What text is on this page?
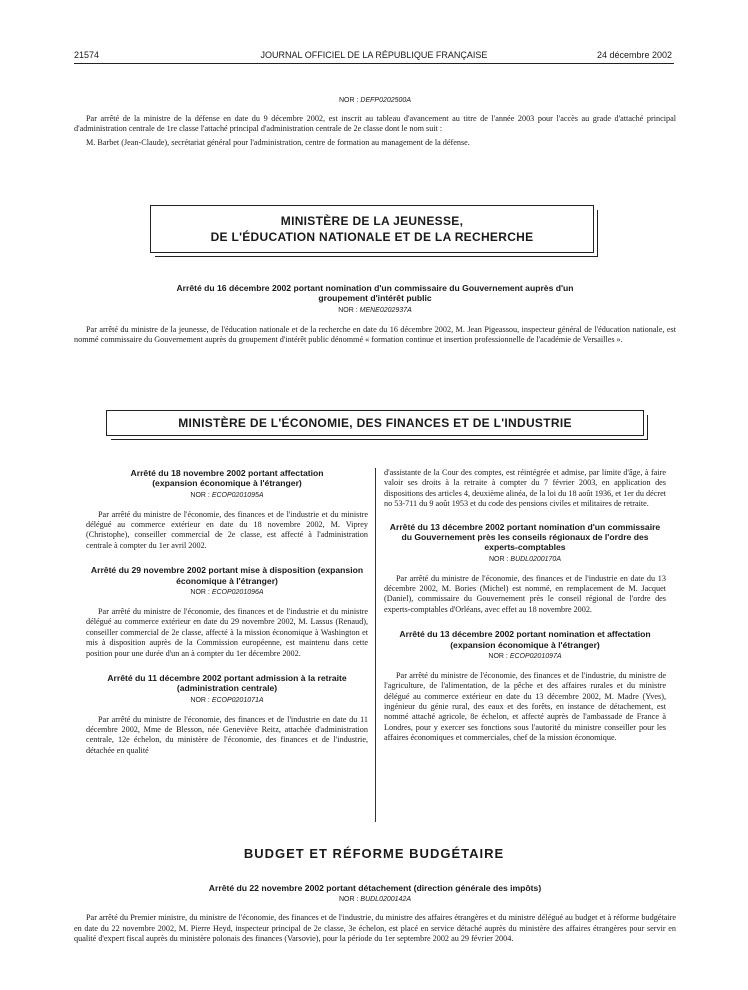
21574	JOURNAL OFFICIEL DE LA RÉPUBLIQUE FRANÇAISE	24 décembre 2002
NOR : DEFP0202500A

Par arrêté de la ministre de la défense en date du 9 décembre 2002, est inscrit au tableau d'avancement au titre de l'année 2003 pour l'accès au grade d'attaché principal d'administration centrale de 1re classe l'attaché principal d'administration centrale de 2e classe dont le nom suit :

M. Barbet (Jean-Claude), secrétariat général pour l'administration, centre de formation au management de la défense.

MINISTÈRE DE LA JEUNESSE,
DE L'ÉDUCATION NATIONALE ET DE LA RECHERCHE
Arrêté du 16 décembre 2002 portant nomination d'un commissaire du Gouvernement auprès d'un groupement d'intérêt public
NOR : MENE0202937A

Par arrêté du ministre de la jeunesse, de l'éducation nationale et de la recherche en date du 16 décembre 2002, M. Jean Pigeassou, inspecteur général de l'éducation nationale, est nommé commissaire du Gouvernement auprès du groupement d'intérêt public dénommé « formation continue et insertion professionnelle de l'académie de Versailles ».

MINISTÈRE DE L'ÉCONOMIE, DES FINANCES ET DE L'INDUSTRIE
Arrêté du 18 novembre 2002 portant affectation (expansion économique à l'étranger)
NOR : ECOP0201095A

Par arrêté du ministre de l'économie, des finances et de l'industrie et du ministre délégué au commerce extérieur en date du 18 novembre 2002, M. Viprey (Christophe), conseiller commercial de 2e classe, est affecté à l'administration centrale à compter du 1er avril 2002.

Arrêté du 29 novembre 2002 portant mise à disposition (expansion économique à l'étranger)
NOR : ECOP0201096A

Par arrêté du ministre de l'économie, des finances et de l'industrie et du ministre délégué au commerce extérieur en date du 29 novembre 2002, M. Lassus (Renaud), conseiller commercial de 2e classe, affecté à la mission économique à Washington et mis à disposition auprès de la Commission européenne, est maintenu dans cette position pour une durée d'un an à compter du 1er décembre 2002.

Arrêté du 11 décembre 2002 portant admission à la retraite (administration centrale)
NOR : ECOP0201071A

Par arrêté du ministre de l'économie, des finances et de l'industrie en date du 11 décembre 2002, Mme de Blesson, née Geneviève Reitz, attachée d'administration centrale, 12e échelon, du ministère de l'économie, des finances et de l'industrie, détachée en qualité

d'assistante de la Cour des comptes, est réintégrée et admise, par limite d'âge, à faire valoir ses droits à la retraite à compter du 7 février 2003, en application des dispositions des articles 4, deuxième alinéa, de la loi du 18 août 1936, et 1er du décret no 53-711 du 9 août 1953 et du code des pensions civiles et militaires de retraite.

Arrêté du 13 décembre 2002 portant nomination d'un commissaire du Gouvernement près les conseils régionaux de l'ordre des experts-comptables
NOR : BUDL0200170A

Par arrêté du ministre de l'économie, des finances et de l'industrie en date du 13 décembre 2002, M. Bories (Michel) est nommé, en remplacement de M. Jacquet (Daniel), commissaire du Gouvernement près le conseil régional de l'ordre des experts-comptables d'Orléans, avec effet au 18 novembre 2002.

Arrêté du 13 décembre 2002 portant nomination et affectation (expansion économique à l'étranger)
NOR : ECOP0201097A

Par arrêté du ministre de l'économie, des finances et de l'industrie, du ministre de l'agriculture, de l'alimentation, de la pêche et des affaires rurales et du ministre délégué au commerce extérieur en date du 13 décembre 2002, M. Madre (Yves), ingénieur du génie rural, des eaux et des forêts, en instance de détachement, est nommé attaché agricole, 8e échelon, et affecté auprès de l'ambassade de France à Londres, pour y exercer ses fonctions sous l'autorité du ministre conseiller pour les affaires économiques et commerciales, chef de la mission économique.

BUDGET ET RÉFORME BUDGÉTAIRE
Arrêté du 22 novembre 2002 portant détachement (direction générale des impôts)
NOR : BUDL0200142A

Par arrêté du Premier ministre, du ministre de l'économie, des finances et de l'industrie, du ministre des affaires étrangères et du ministre délégué au budget et à réforme budgétaire en date du 22 novembre 2002, M. Pierre Heyd, inspecteur principal de 2e classe, 3e échelon, est placé en service détaché auprès du ministère des affaires étrangères pour servir en qualité d'expert fiscal auprès du ministère polonais des finances (Varsovie), pour la période du 1er septembre 2002 au 29 février 2004.
